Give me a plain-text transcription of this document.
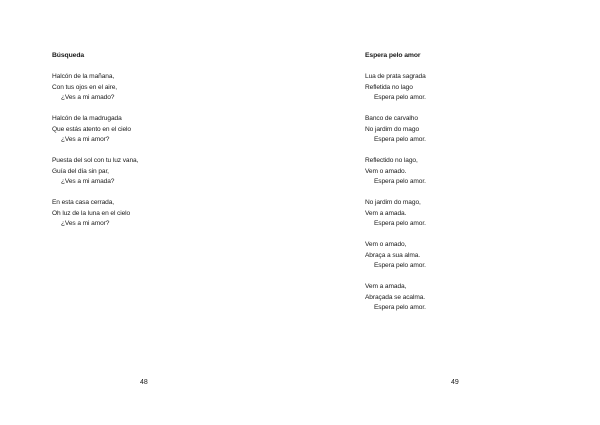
Búsqueda
Halcón de la mañana,
Con tus ojos en el aire,
¿Ves a mi amado?
Halcón de la madrugada
Que estás atento en el cielo
¿Ves a mi amor?
Puesta del sol con tu luz vana,
Guía del día sin par,
¿Ves a mi amada?
En esta casa cerrada,
Oh luz de la luna en el cielo
¿Ves a mi amor?
48
Espera pelo amor
Lua de prata sagrada
Refletida no lago
Espera pelo amor.
Banco de carvalho
No jardim do mago
Espera pelo amor.
Reflectido no lago,
Vem o amado.
Espera pelo amor.
No jardim do mago,
Vem a amada.
Espera pelo amor.
Vem o amado,
Abraça a sua alma.
Espera pelo amor.
Vem a amada,
Abraçada se acalma.
Espera pelo amor.
49
